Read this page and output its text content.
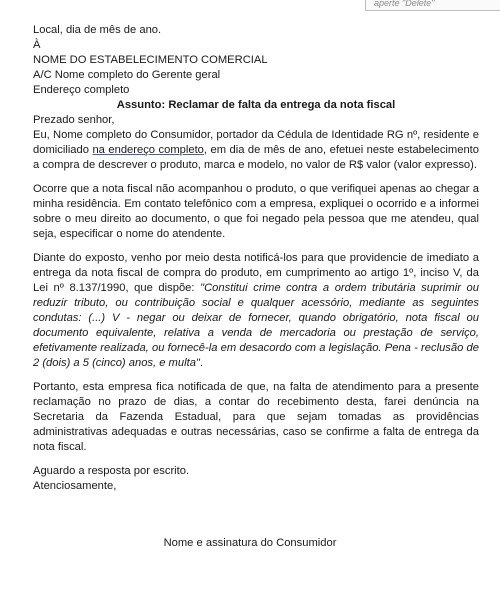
aperte "Delete"

Local, dia de mês de ano.

À

NOME DO ESTABELECIMENTO COMERCIAL

A/C Nome completo do Gerente geral

Endereço completo

Assunto: Reclamar de falta da entrega da nota fiscal

Prezado senhor,

Eu, Nome completo do Consumidor, portador da Cédula de Identidade RG nº, residente e domiciliado na endereço completo, em dia de mês de ano, efetuei neste estabelecimento a compra de descrever o produto, marca e modelo, no valor de R$ valor (valor expresso).

Ocorre que a nota fiscal não acompanhou o produto, o que verifiquei apenas ao chegar a minha residência. Em contato telefônico com a empresa, expliquei o ocorrido e a informei sobre o meu direito ao documento, o que foi negado pela pessoa que me atendeu, qual seja, especificar o nome do atendente.

Diante do exposto, venho por meio desta notificá-los para que providencie de imediato a entrega da nota fiscal de compra do produto, em cumprimento ao artigo 1º, inciso V, da Lei nº 8.137/1990, que dispõe: "Constitui crime contra a ordem tributária suprimir ou reduzir tributo, ou contribuição social e qualquer acessório, mediante as seguintes condutas: (...) V - negar ou deixar de fornecer, quando obrigatório, nota fiscal ou documento equivalente, relativa a venda de mercadoria ou prestação de serviço, efetivamente realizada, ou fornecê-la em desacordo com a legislação. Pena - reclusão de 2 (dois) a 5 (cinco) anos, e multa".

Portanto, esta empresa fica notificada de que, na falta de atendimento para a presente reclamação no prazo de dias, a contar do recebimento desta, farei denúncia na Secretaria da Fazenda Estadual, para que sejam tomadas as providências administrativas adequadas e outras necessárias, caso se confirme a falta de entrega da nota fiscal.

Aguardo a resposta por escrito.

Atenciosamente,

Nome e assinatura do Consumidor
